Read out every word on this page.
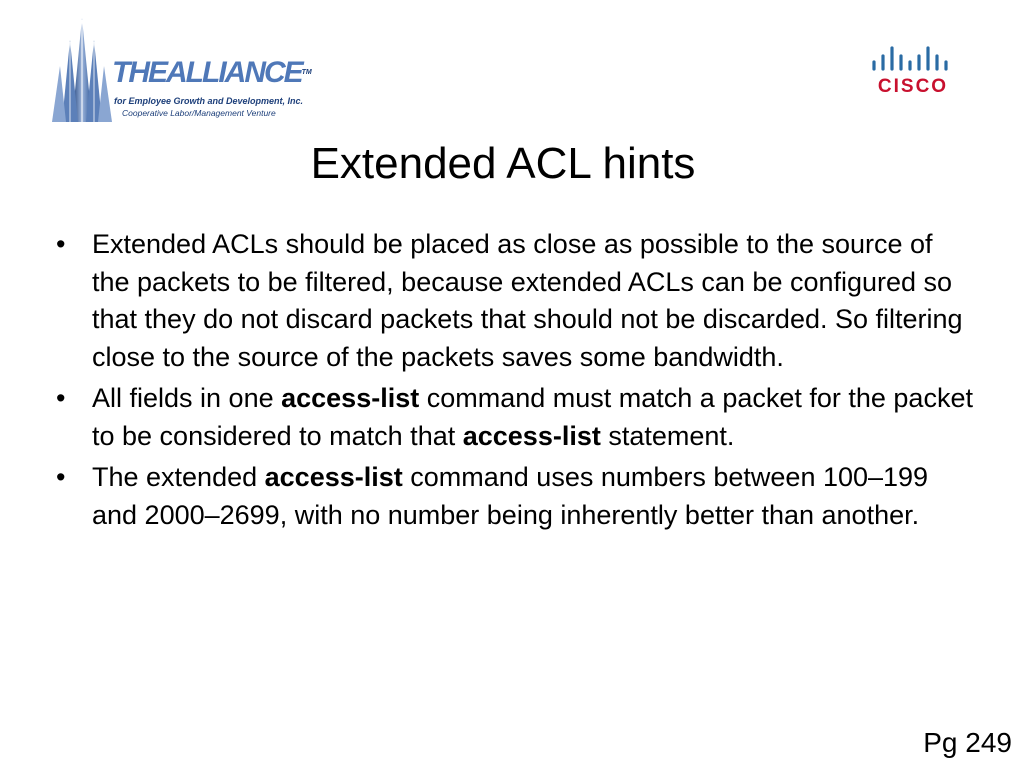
THEALLIANCE™
for Employee Growth and Development, Inc.
Cooperative Labor/Management Venture
CISCO
Extended ACL hints
• Extended ACLs should be placed as close as possible to the source of the packets to be filtered, because extended ACLs can be configured so that they do not discard packets that should not be discarded. So filtering close to the source of the packets saves some bandwidth.
• All fields in one access-list command must match a packet for the packet to be considered to match that access-list statement.
• The extended access-list command uses numbers between 100–199 and 2000–2699, with no number being inherently better than another.
Pg 249
